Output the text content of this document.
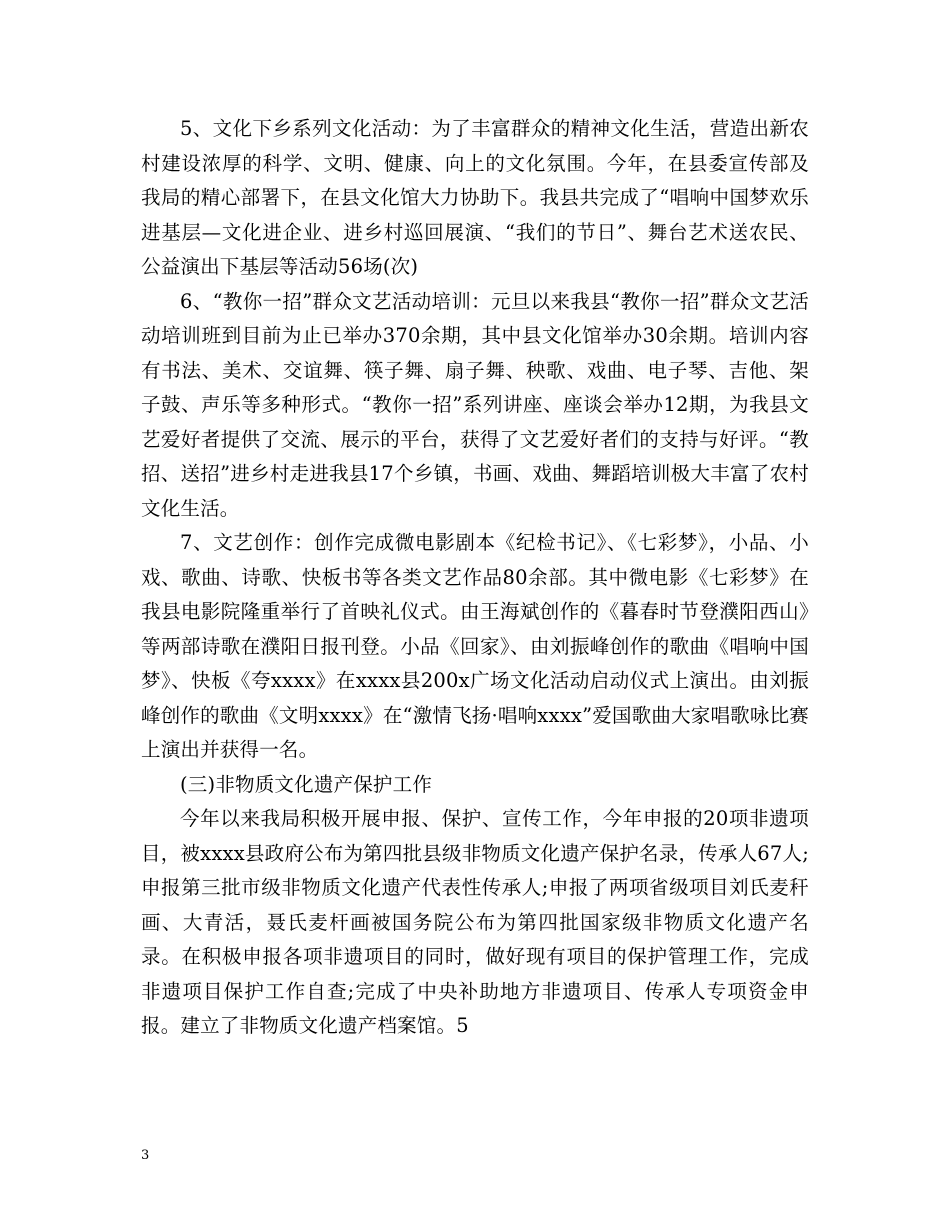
5、文化下乡系列文化活动：为了丰富群众的精神文化生活，营造出新农村建设浓厚的科学、文明、健康、向上的文化氛围。今年，在县委宣传部及我局的精心部署下，在县文化馆大力协助下。我县共完成了“唱响中国梦欢乐进基层—文化进企业、进乡村巡回展演、“我们的节日”、舞台艺术送农民、公益演出下基层等活动56场(次)

6、“教你一招”群众文艺活动培训：元旦以来我县“教你一招”群众文艺活动培训班到目前为止已举办370余期，其中县文化馆举办30余期。培训内容有书法、美术、交谊舞、筷子舞、扇子舞、秧歌、戏曲、电子琴、吉他、架子鼓、声乐等多种形式。“教你一招”系列讲座、座谈会举办12期，为我县文艺爱好者提供了交流、展示的平台，获得了文艺爱好者们的支持与好评。“教招、送招”进乡村走进我县17个乡镇，书画、戏曲、舞蹈培训极大丰富了农村文化生活。

7、文艺创作：创作完成微电影剧本《纪检书记》、《七彩梦》，小品、小戏、歌曲、诗歌、快板书等各类文艺作品80余部。其中微电影《七彩梦》在我县电影院隆重举行了首映礼仪式。由王海斌创作的《暮春时节登濮阳西山》等两部诗歌在濮阳日报刊登。小品《回家》、由刘振峰创作的歌曲《唱响中国梦》、快板《夸xxxx》在xxxx县200x广场文化活动启动仪式上演出。由刘振峰创作的歌曲《文明xxxx》在“激情飞扬·唱响xxxx”爱国歌曲大家唱歌咏比赛上演出并获得一名。

(三)非物质文化遗产保护工作

今年以来我局积极开展申报、保护、宣传工作，今年申报的20项非遗项目，被xxxx县政府公布为第四批县级非物质文化遗产保护名录，传承人67人;申报第三批市级非物质文化遗产代表性传承人;申报了两项省级项目刘氏麦秆画、大青活，聂氏麦杆画被国务院公布为第四批国家级非物质文化遗产名录。在积极申报各项非遗项目的同时，做好现有项目的保护管理工作，完成非遗项目保护工作自查;完成了中央补助地方非遗项目、传承人专项资金申报。建立了非物质文化遗产档案馆。5

3
